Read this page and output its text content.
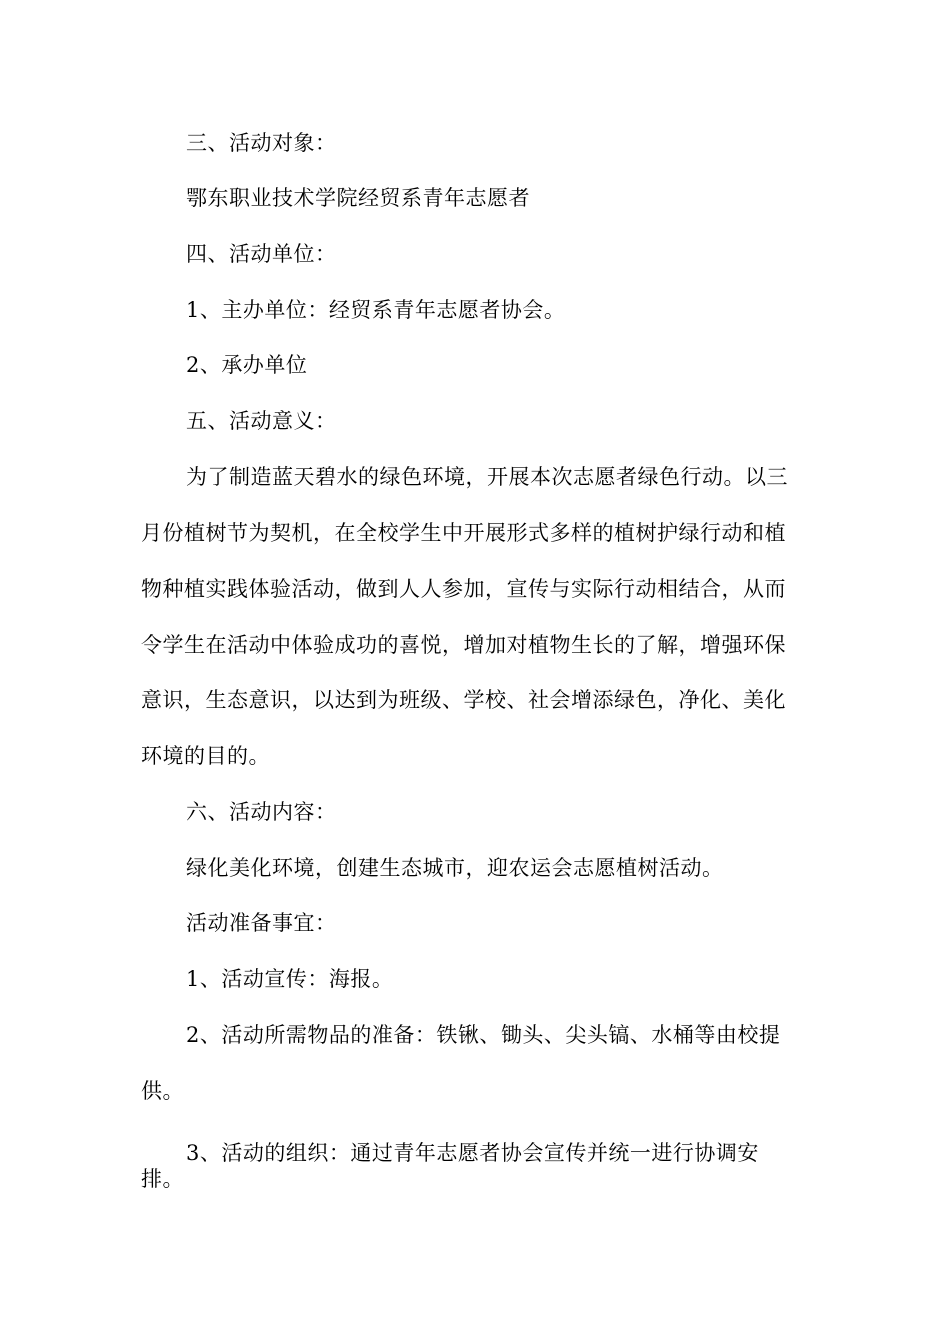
三、活动对象：

鄂东职业技术学院经贸系青年志愿者

四、活动单位：

1、主办单位：经贸系青年志愿者协会。

2、承办单位

五、活动意义：

为了制造蓝天碧水的绿色环境，开展本次志愿者绿色行动。以三

月份植树节为契机，在全校学生中开展形式多样的植树护绿行动和植

物种植实践体验活动，做到人人参加，宣传与实际行动相结合，从而

令学生在活动中体验成功的喜悦，增加对植物生长的了解，增强环保

意识，生态意识，以达到为班级、学校、社会增添绿色，净化、美化

环境的目的。

六、活动内容：

绿化美化环境，创建生态城市，迎农运会志愿植树活动。

活动准备事宜：

1、活动宣传：海报。

2、活动所需物品的准备：铁锹、锄头、尖头镐、水桶等由校提

供。

3、活动的组织：通过青年志愿者协会宣传并统一进行协调安

排。
